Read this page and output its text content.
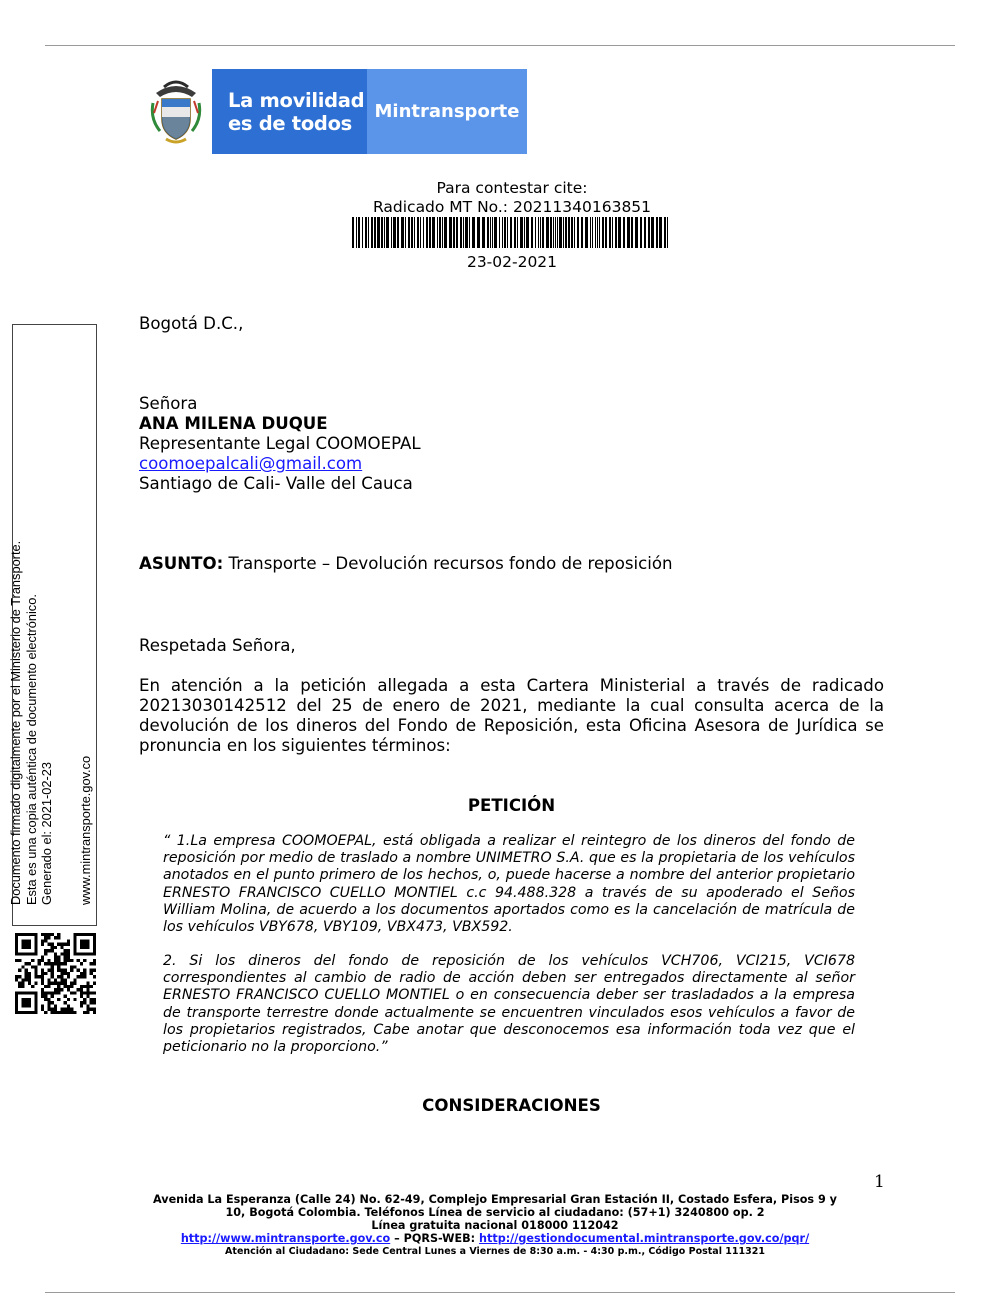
La movilidad
es de todos	Mintransporte
Para contestar cite:
Radicado MT No.: 20211340163851
23-02-2021
Bogotá D.C.,
Señora
ANA MILENA DUQUE
Representante Legal COOMOEPAL
coomoepalcali@gmail.com
Santiago de Cali- Valle del Cauca
ASUNTO: Transporte – Devolución recursos fondo de reposición
Respetada Señora,
En atención a la petición allegada a esta Cartera Ministerial a través de radicado 20213030142512 del 25 de enero de 2021, mediante la cual consulta acerca de la devolución de los dineros del Fondo de Reposición, esta Oficina Asesora de Jurídica se pronuncia en los siguientes términos:
PETICIÓN
“ 1.La empresa COOMOEPAL, está obligada a realizar el reintegro de los dineros del fondo de reposición por medio de traslado a nombre UNIMETRO S.A. que es la propietaria de los vehículos anotados en el punto primero de los hechos, o, puede hacerse a nombre del anterior propietario ERNESTO FRANCISCO CUELLO MONTIEL c.c 94.488.328 a través de su apoderado el Seños William Molina, de acuerdo a los documentos aportados como es la cancelación de matrícula de los vehículos VBY678, VBY109, VBX473, VBX592.
2. Si los dineros del fondo de reposición de los vehículos VCH706, VCI215, VCI678 correspondientes al cambio de radio de acción deben ser entregados directamente al señor ERNESTO FRANCISCO CUELLO MONTIEL o en consecuencia deber ser trasladados a la empresa de transporte terrestre donde actualmente se encuentren vinculados esos vehículos a favor de los propietarios registrados, Cabe anotar que desconocemos esa información toda vez que el peticionario no la proporciono.”
CONSIDERACIONES
Documento firmado digitalmente por el Ministerio de Transporte. Esta es una copia auténtica de documento electrónico. Generado el: 2021-02-23 www.mintransporte.gov.co
1
Avenida La Esperanza (Calle 24) No. 62-49, Complejo Empresarial Gran Estación II, Costado Esfera, Pisos 9 y
10, Bogotá Colombia. Teléfonos Línea de servicio al ciudadano: (57+1) 3240800 op. 2
Línea gratuita nacional 018000 112042
http://www.mintransporte.gov.co – PQRS-WEB: http://gestiondocumental.mintransporte.gov.co/pqr/
Atención al Ciudadano: Sede Central Lunes a Viernes de 8:30 a.m. - 4:30 p.m., Código Postal 111321
